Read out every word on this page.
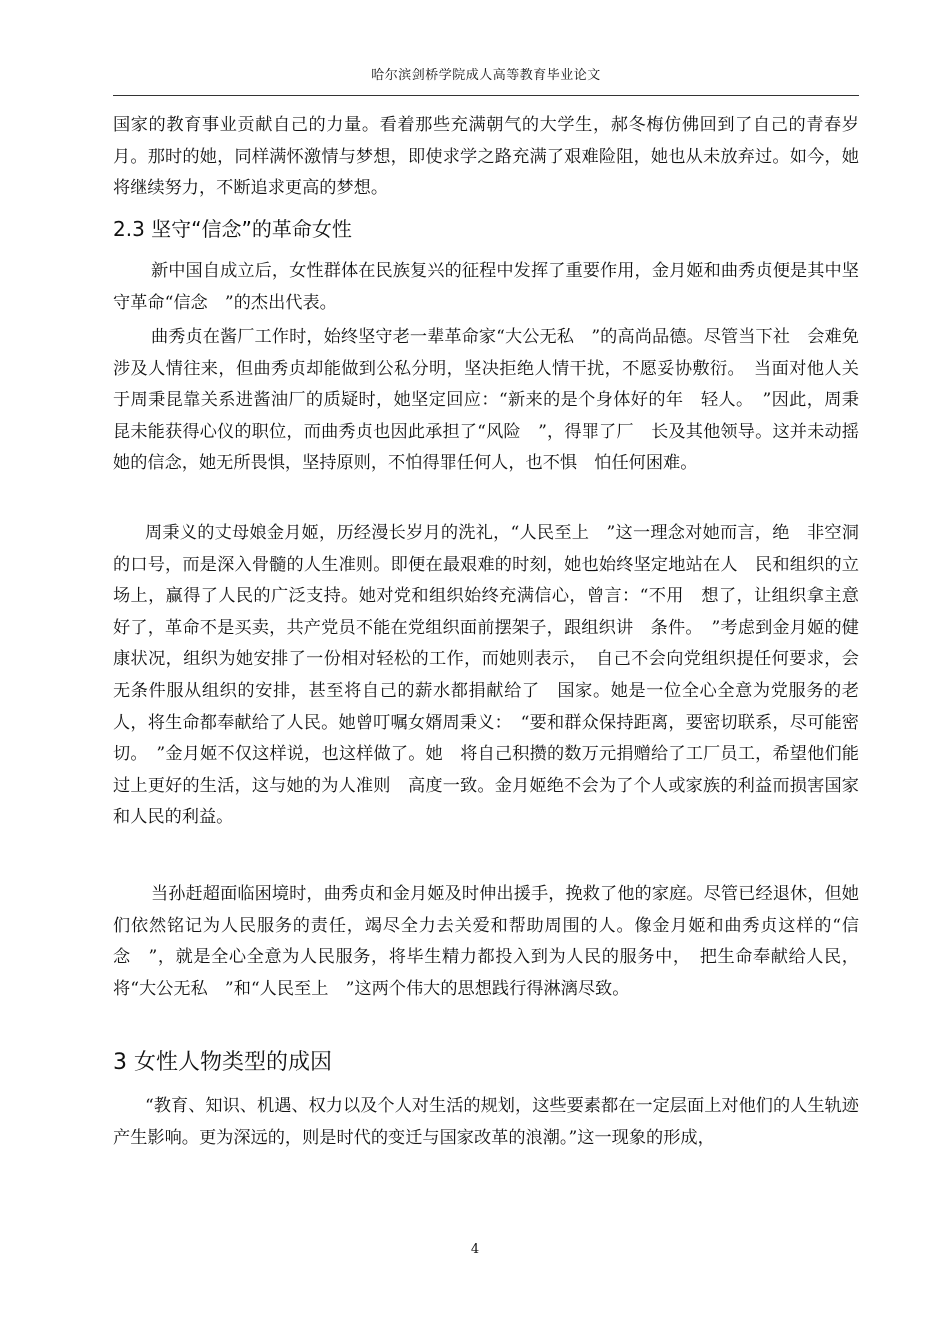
哈尔滨剑桥学院成人高等教育毕业论文

国家的教育事业贡献自己的力量。看着那些充满朝气的大学生，郝冬梅仿佛回到了自己的青春岁月。那时的她，同样满怀激情与梦想，即使求学之路充满了艰难险阻，她也从未放弃过。如今，她将继续努力，不断追求更高的梦想。

2.3 坚守“信念”的革命女性

新中国自成立后，女性群体在民族复兴的征程中发挥了重要作用，金月姬和曲秀贞便是其中坚守革命“信念　”的杰出代表。

曲秀贞在酱厂工作时，始终坚守老一辈革命家“大公无私　”的高尚品德。尽管当下社　会难免涉及人情往来，但曲秀贞却能做到公私分明，坚决拒绝人情干扰，不愿妥协敷衍。　当面对他人关于周秉昆靠关系进酱油厂的质疑时，她坚定回应：“新来的是个身体好的年　轻人。　”因此，周秉昆未能获得心仪的职位，而曲秀贞也因此承担了“风险　”，得罪了厂　长及其他领导。这并未动摇她的信念，她无所畏惧，坚持原则，不怕得罪任何人，也不惧　怕任何困难。

周秉义的丈母娘金月姬，历经漫长岁月的洗礼，“人民至上　”这一理念对她而言，绝　非空洞的口号，而是深入骨髓的人生准则。即便在最艰难的时刻，她也始终坚定地站在人　民和组织的立场上，赢得了人民的广泛支持。她对党和组织始终充满信心，曾言：“不用　想了，让组织拿主意好了，革命不是买卖，共产党员不能在党组织面前摆架子，跟组织讲　条件。　”考虑到金月姬的健康状况，组织为她安排了一份相对轻松的工作，而她则表示，　自己不会向党组织提任何要求，会无条件服从组织的安排，甚至将自己的薪水都捐献给了　国家。她是一位全心全意为党服务的老人，将生命都奉献给了人民。她曾叮嘱女婿周秉义：　“要和群众保持距离，要密切联系，尽可能密切。　”金月姬不仅这样说，也这样做了。她　将自己积攒的数万元捐赠给了工厂员工，希望他们能过上更好的生活，这与她的为人准则　高度一致。金月姬绝不会为了个人或家族的利益而损害国家和人民的利益。

当孙赶超面临困境时，曲秀贞和金月姬及时伸出援手，挽救了他的家庭。尽管已经退休，但她们依然铭记为人民服务的责任，竭尽全力去关爱和帮助周围的人。像金月姬和曲秀贞这样的“信念　”，就是全心全意为人民服务，将毕生精力都投入到为人民的服务中，　把生命奉献给人民，将“大公无私　”和“人民至上　”这两个伟大的思想践行得淋漓尽致。

3 女性人物类型的成因

“教育、知识、机遇、权力以及个人对生活的规划，这些要素都在一定层面上对他们的人生轨迹产生影响。更为深远的，则是时代的变迁与国家改革的浪潮。”这一现象的形成，

4
